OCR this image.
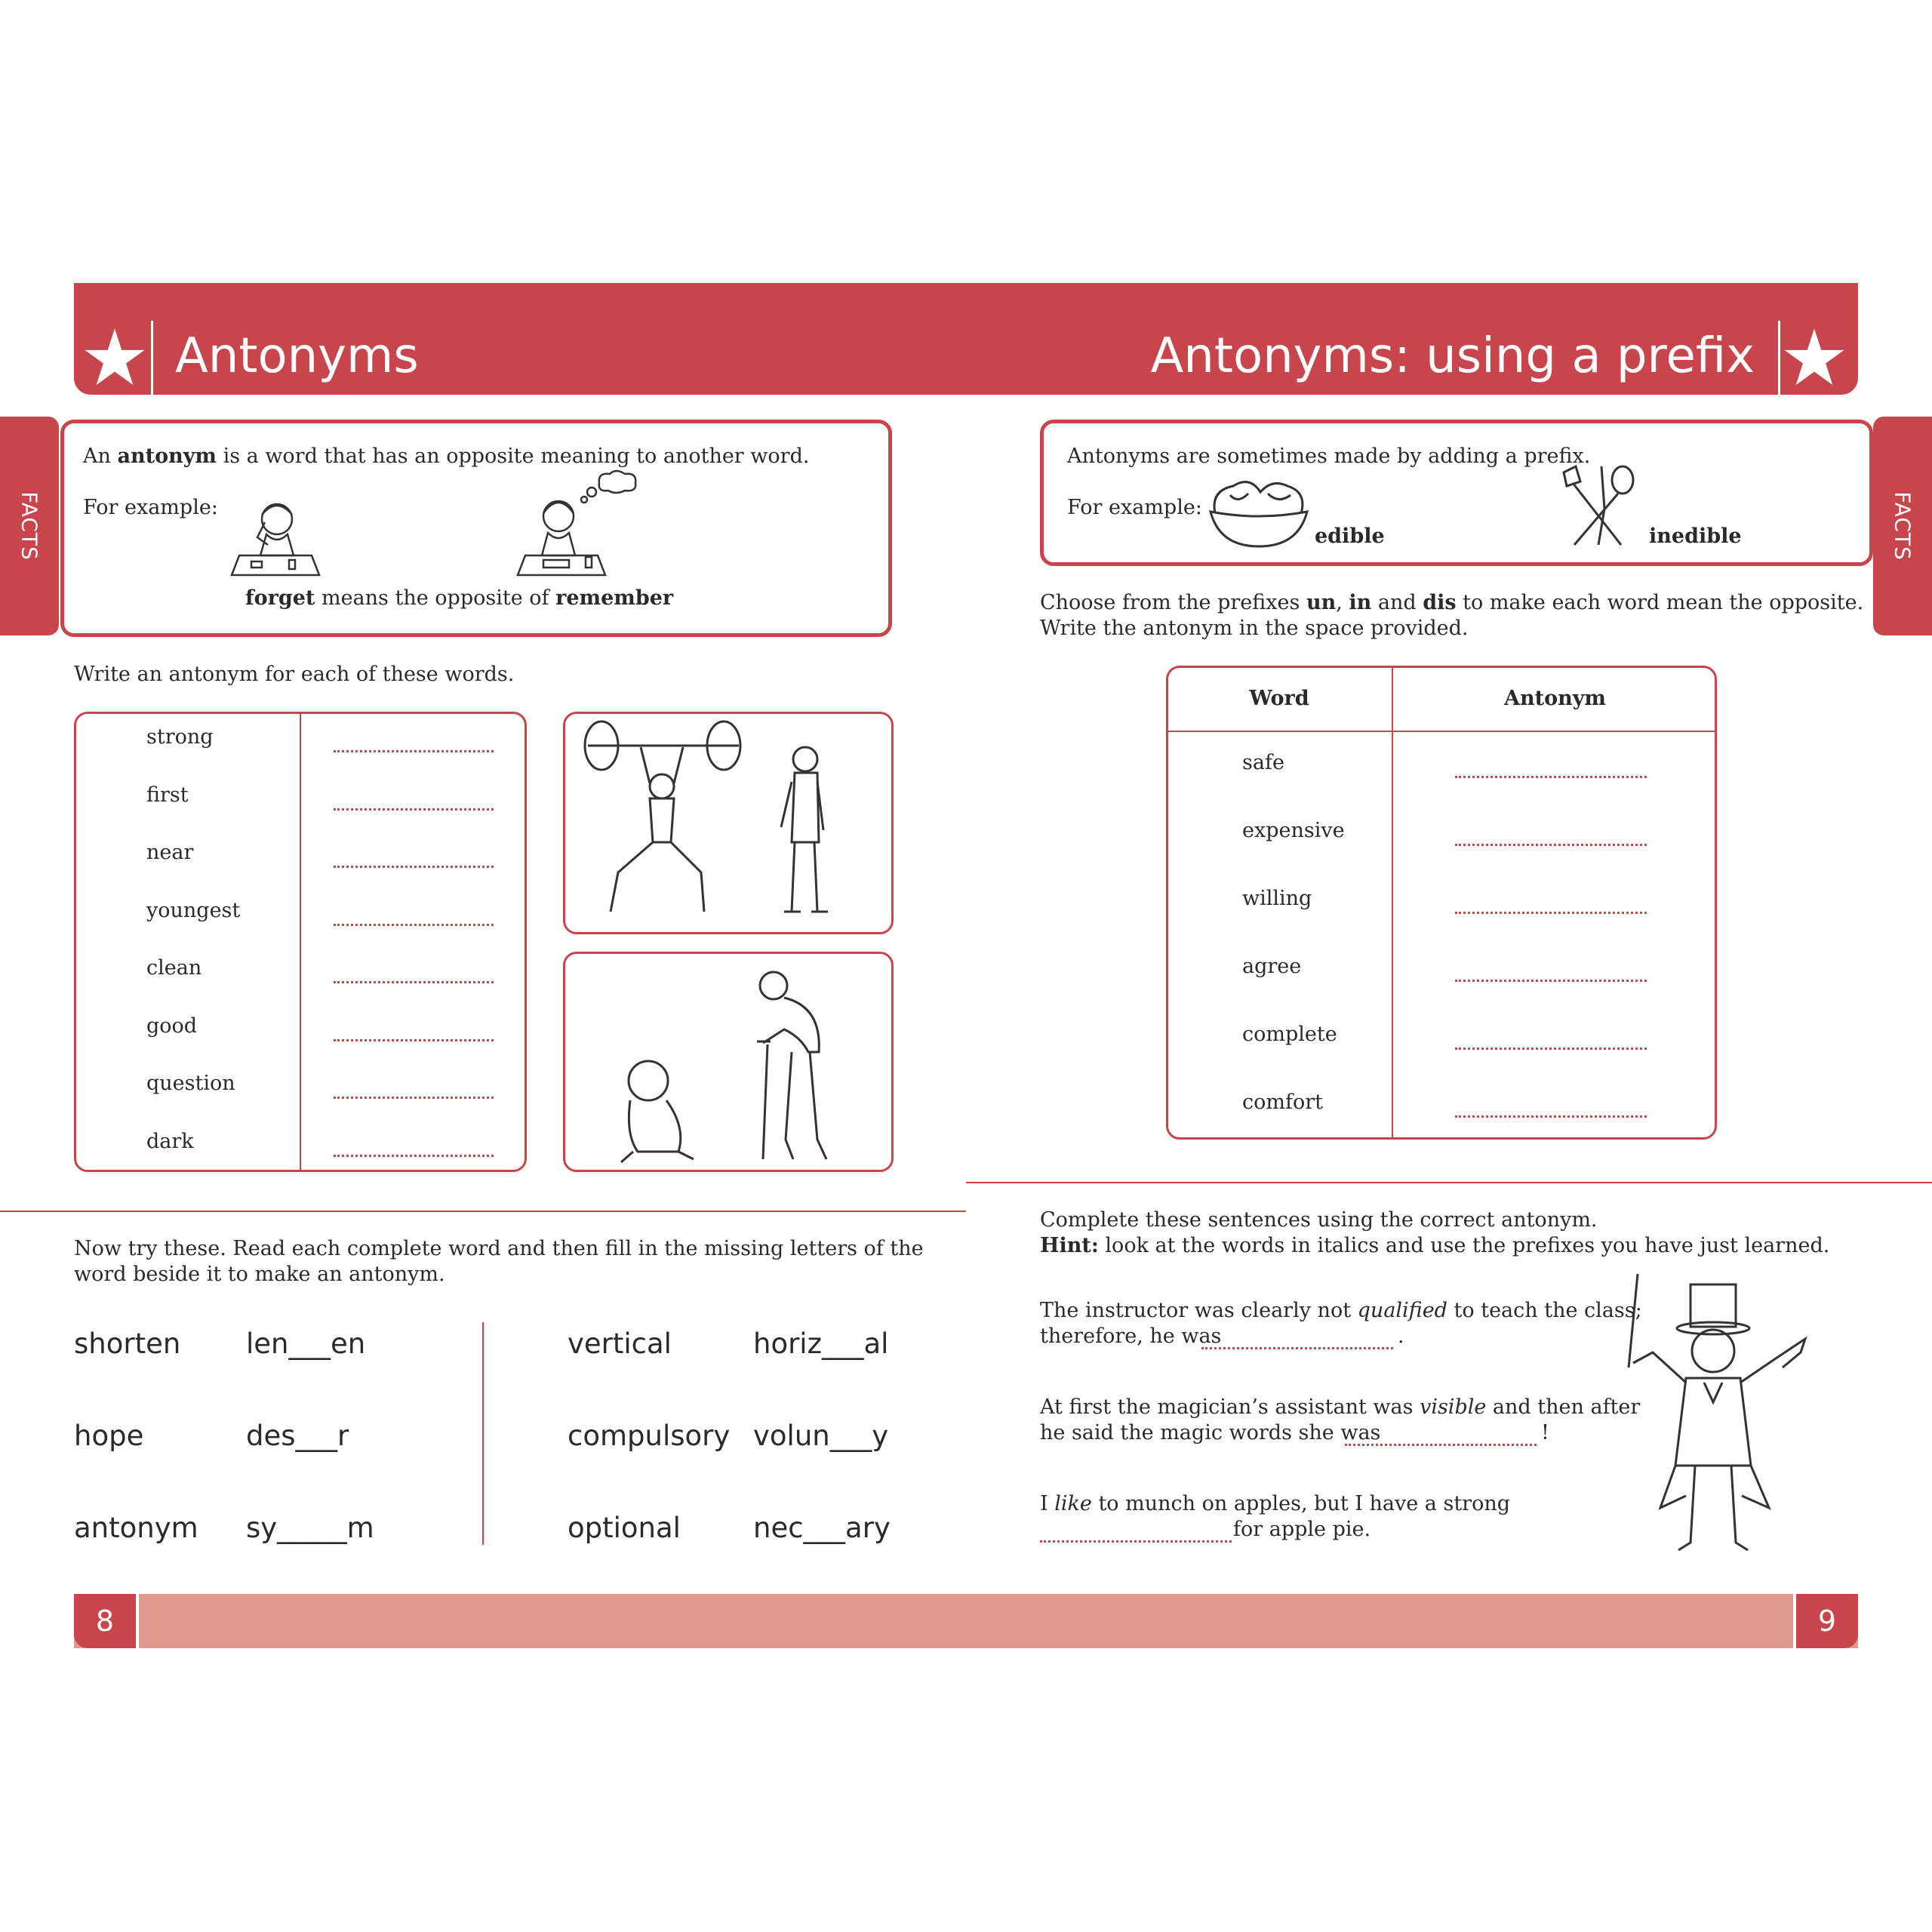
Antonyms	Antonyms: using a prefix
FACTS
An antonym is a word that has an opposite meaning to another word.
For example:
forget means the opposite of remember
Write an antonym for each of these words.
strong
first
near
youngest
clean
good
question
dark
Now try these. Read each complete word and then fill in the missing letters of the
word beside it to make an antonym.
shorten len___en
hope	des___r
antonym sy_____m
vertical	horiz___al
compulsory volun___y
optional	nec___ary
FACTS
Antonyms are sometimes made by adding a prefix.
For example:
edible	inedible
Choose from the prefixes un, in and dis to make each word mean the opposite.
Write the antonym in the space provided.
Word	Antonym
safe
expensive
willing
agree
complete
comfort
Complete these sentences using the correct antonym.
Hint: look at the words in italics and use the prefixes you have just learned.
The instructor was clearly not qualified to teach the class;
therefore, he was	.
At first the magician’s assistant was visible and then after
he said the magic words she was	!
I like to munch on apples, but I have a strong
for apple pie.
8	9
